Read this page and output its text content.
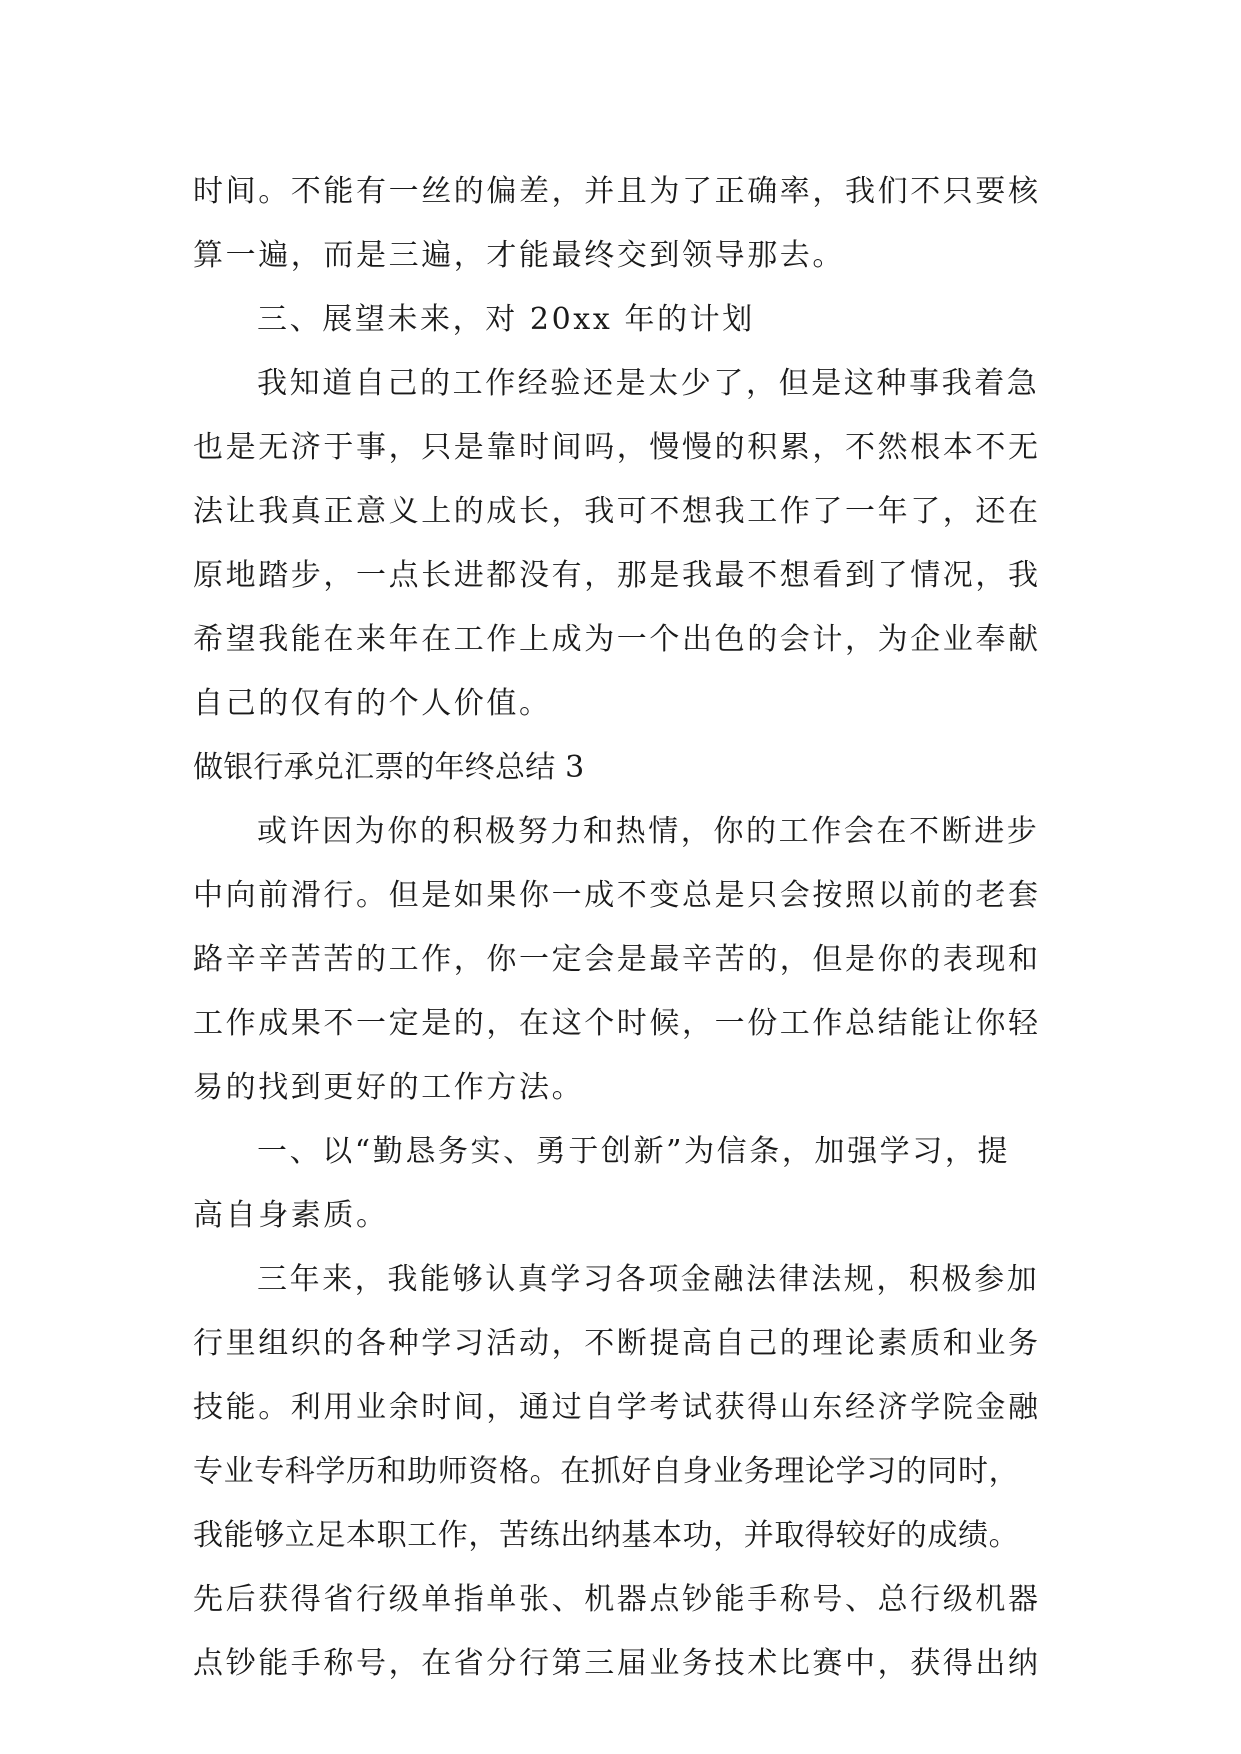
时间。不能有一丝的偏差，并且为了正确率，我们不只要核
算一遍，而是三遍，才能最终交到领导那去。
三、展望未来，对 20xx 年的计划
我知道自己的工作经验还是太少了，但是这种事我着急
也是无济于事，只是靠时间吗，慢慢的积累，不然根本不无
法让我真正意义上的成长，我可不想我工作了一年了，还在
原地踏步，一点长进都没有，那是我最不想看到了情况，我
希望我能在来年在工作上成为一个出色的会计，为企业奉献
自己的仅有的个人价值。
做银行承兑汇票的年终总结 3
或许因为你的积极努力和热情，你的工作会在不断进步
中向前滑行。但是如果你一成不变总是只会按照以前的老套
路辛辛苦苦的工作，你一定会是最辛苦的，但是你的表现和
工作成果不一定是的，在这个时候，一份工作总结能让你轻
易的找到更好的工作方法。
一、以“勤恳务实、勇于创新”为信条，加强学习，提
高自身素质。
三年来，我能够认真学习各项金融法律法规，积极参加
行里组织的各种学习活动，不断提高自己的理论素质和业务
技能。利用业余时间，通过自学考试获得山东经济学院金融
专业专科学历和助师资格。在抓好自身业务理论学习的同时，
我能够立足本职工作，苦练出纳基本功，并取得较好的成绩。
先后获得省行级单指单张、机器点钞能手称号、总行级机器
点钞能手称号，在省分行第三届业务技术比赛中，获得出纳
